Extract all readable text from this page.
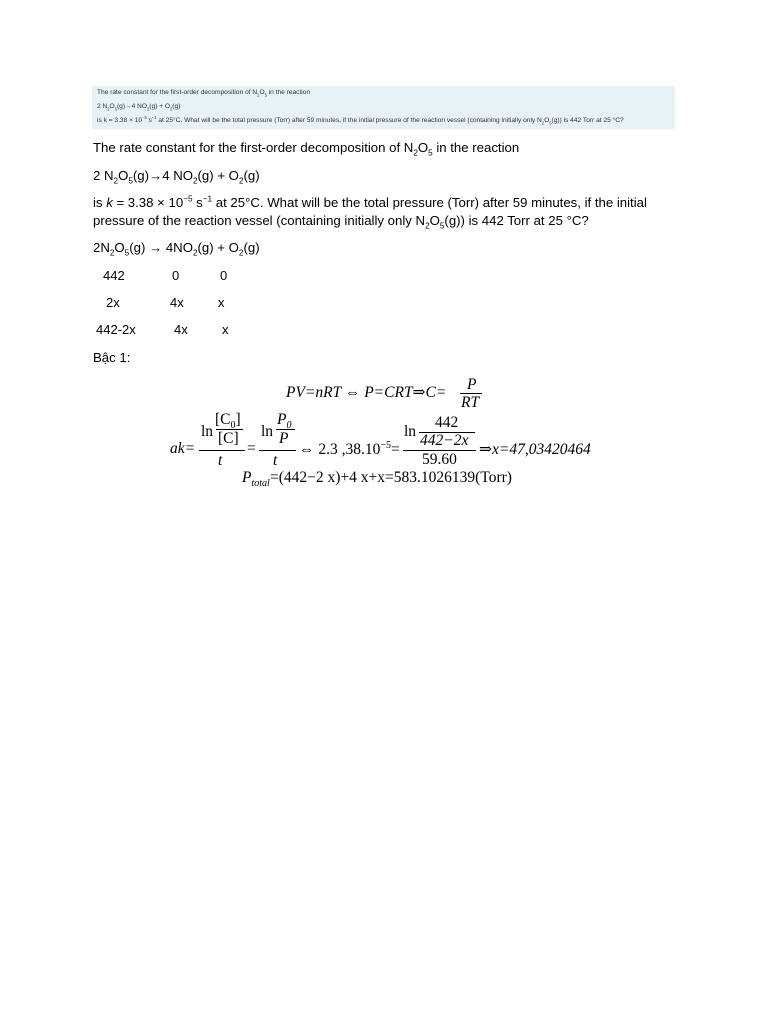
The rate constant for the first-order decomposition of $N_2O_5$ in the reaction
2 $N_2O_5(g)\to 4$ $NO_2(g) + O_2(g)$
is $k = 3.38 \times 10^{-5}$ $s^{-1}$ at 25°C. What will be the total pressure (Torr) after 59 minutes, if the initial pressure of the reaction vessel (containing initially only $N_2O_5(g)$) is 442 Torr at 25 °C?
The rate constant for the first-order decomposition of $N_2O_5$ in the reaction
2 $N_2O_5(g)\to 4$ $NO_2(g) + O_2(g)$
is $k = 3.38 \times 10^{-5}$ $s^{-1}$ at 25°C. What will be the total pressure (Torr) after 59 minutes, if the initial
pressure of the reaction vessel (containing initially only $N_2O_5(g)$) is 442 Torr at 25 °C?
$2N_2O_5(g) \to 4NO_2(g) + O_2(g)$
442	0	0
2x	4x	x
442-2x	4x	x
Bậc 1:
PV=nRT ⇔ P=CRT⇒C= P
RT
ak=
ln
$[C_0]$
[C]
t
=
ln
$P_0$
P
t
⇔ 2.3 $,38.10^{-5}=$
ln
442
442−2x
59.60
⇒x=47,03420464
$P_{total} =(442-2$ x)+4 x+x=583.1026139(Torr)
